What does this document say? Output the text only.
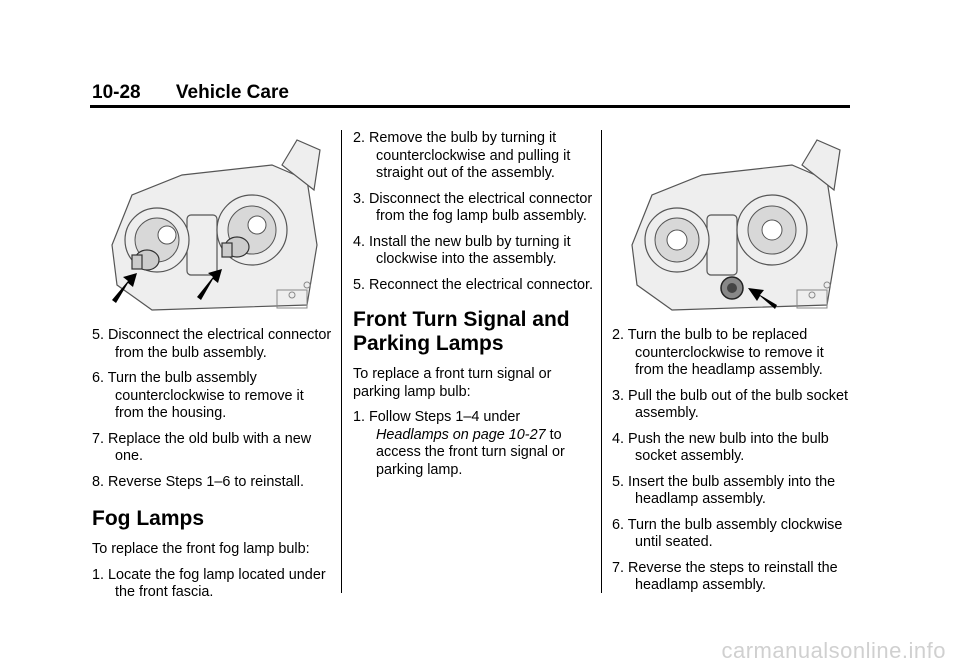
10-28 Vehicle Care

5. Disconnect the electrical connector from the bulb assembly.

6. Turn the bulb assembly counterclockwise to remove it from the housing.

7. Replace the old bulb with a new one.

8. Reverse Steps 1–6 to reinstall.

Fog Lamps

To replace the front fog lamp bulb:

1. Locate the fog lamp located under the front fascia.

2. Remove the bulb by turning it counterclockwise and pulling it straight out of the assembly.

3. Disconnect the electrical connector from the fog lamp bulb assembly.

4. Install the new bulb by turning it clockwise into the assembly.

5. Reconnect the electrical connector.

Front Turn Signal and
Parking Lamps

To replace a front turn signal or parking lamp bulb:

1. Follow Steps 1–4 under
Headlamps on page 10-27 to access the front turn signal or parking lamp.

2. Turn the bulb to be replaced counterclockwise to remove it from the headlamp assembly.

3. Pull the bulb out of the bulb socket assembly.

4. Push the new bulb into the bulb socket assembly.

5. Insert the bulb assembly into the headlamp assembly.

6. Turn the bulb assembly clockwise until seated.

7. Reverse the steps to reinstall the headlamp assembly.

carmanualsonline.info
